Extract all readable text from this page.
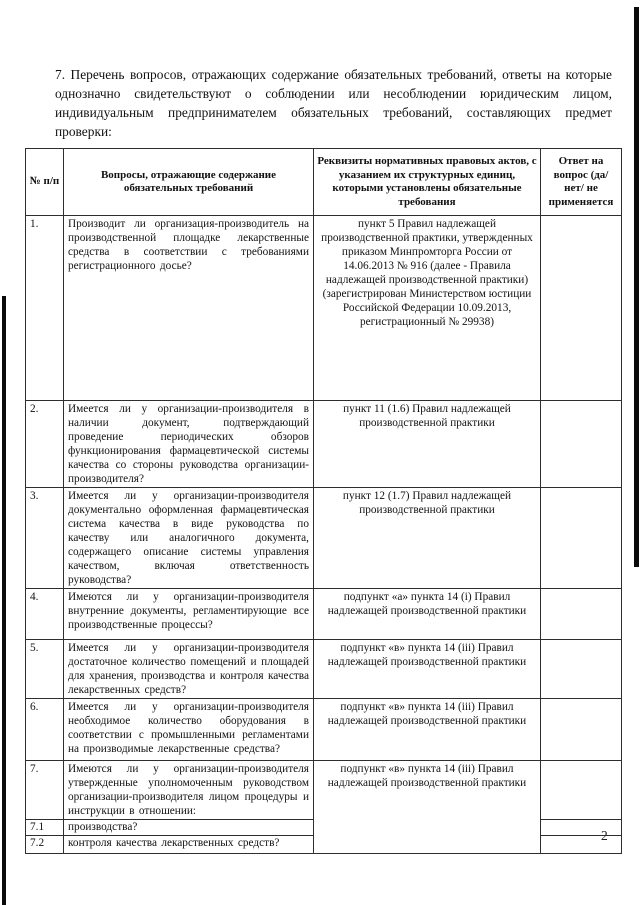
7. Перечень вопросов, отражающих содержание обязательных требований, ответы на которые однозначно свидетельствуют о соблюдении или несоблюдении юридическим лицом, индивидуальным предпринимателем обязательных требований, составляющих предмет проверки:

№ п/п	Вопросы, отражающие содержание обязательных требований	Реквизиты нормативных правовых актов, с указанием их структурных единиц, которыми установлены обязательные требования	Ответ на вопрос (да/нет/ не применяется
1.	Производит ли организация-производитель на производственной площадке лекарственные средства в соответствии с требованиями регистрационного досье?	пункт 5 Правил надлежащей производственной практики, утвержденных приказом Минпромторга России от 14.06.2013 № 916 (далее - Правила надлежащей производственной практики) (зарегистрирован Министерством юстиции Российской Федерации 10.09.2013, регистрационный № 29938)	
2.	Имеется ли у организации-производителя в наличии документ, подтверждающий проведение периодических обзоров функционирования фармацевтической системы качества со стороны руководства организации-производителя?	пункт 11 (1.6) Правил надлежащей производственной практики	
3.	Имеется ли у организации-производителя документально оформленная фармацевтическая система качества в виде руководства по качеству или аналогичного документа, содержащего описание системы управления качеством, включая ответственность руководства?	пункт 12 (1.7) Правил надлежащей производственной практики	
4.	Имеются ли у организации-производителя внутренние документы, регламентирующие все производственные процессы?	подпункт «а» пункта 14 (i) Правил надлежащей производственной практики	
5.	Имеется ли у организации-производителя достаточное количество помещений и площадей для хранения, производства и контроля качества лекарственных средств?	подпункт «в» пункта 14 (iii) Правил надлежащей производственной практики	
6.	Имеется ли у организации-производителя необходимое количество оборудования в соответствии с промышленными регламентами на производимые лекарственные средства?	подпункт «в» пункта 14 (iii) Правил надлежащей производственной практики	
7.	Имеются ли у организации-производителя утвержденные уполномоченным руководством организации-производителя лицом процедуры и инструкции в отношении:	подпункт «в» пункта 14 (iii) Правил надлежащей производственной практики	
7.1	производства?		
7.2	контроля качества лекарственных средств?			2
